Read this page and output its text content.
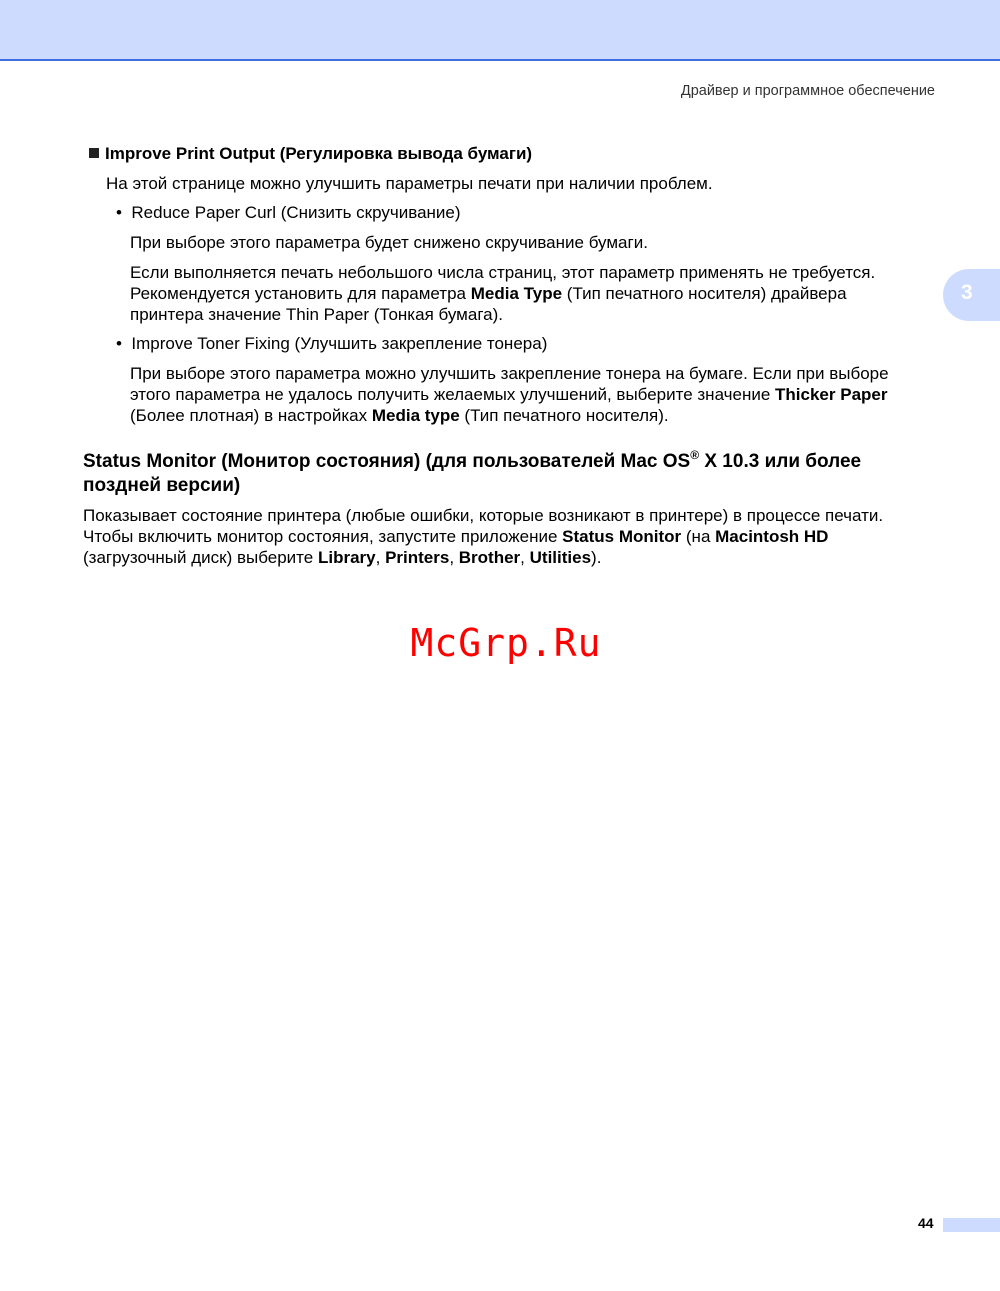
Драйвер и программное обеспечение
3
Improve Print Output (Регулировка вывода бумаги)
На этой странице можно улучшить параметры печати при наличии проблем.
• Reduce Paper Curl (Снизить скручивание)
При выборе этого параметра будет снижено скручивание бумаги.
Если выполняется печать небольшого числа страниц, этот параметр применять не требуется.
Рекомендуется установить для параметра Media Type (Тип печатного носителя) драйвера
принтера значение Thin Paper (Тонкая бумага).
• Improve Toner Fixing (Улучшить закрепление тонера)
При выборе этого параметра можно улучшить закрепление тонера на бумаге. Если при выборе
этого параметра не удалось получить желаемых улучшений, выберите значение Thicker Paper
(Более плотная) в настройках Media type (Тип печатного носителя).
Status Monitor (Монитор состояния) (для пользователей Mac OS® X 10.3 или более
поздней версии)
Показывает состояние принтера (любые ошибки, которые возникают в принтере) в процессе печати.
Чтобы включить монитор состояния, запустите приложение Status Monitor (на Macintosh HD
(загрузочный диск) выберите Library, Printers, Brother, Utilities).
McGrp.Ru
44
